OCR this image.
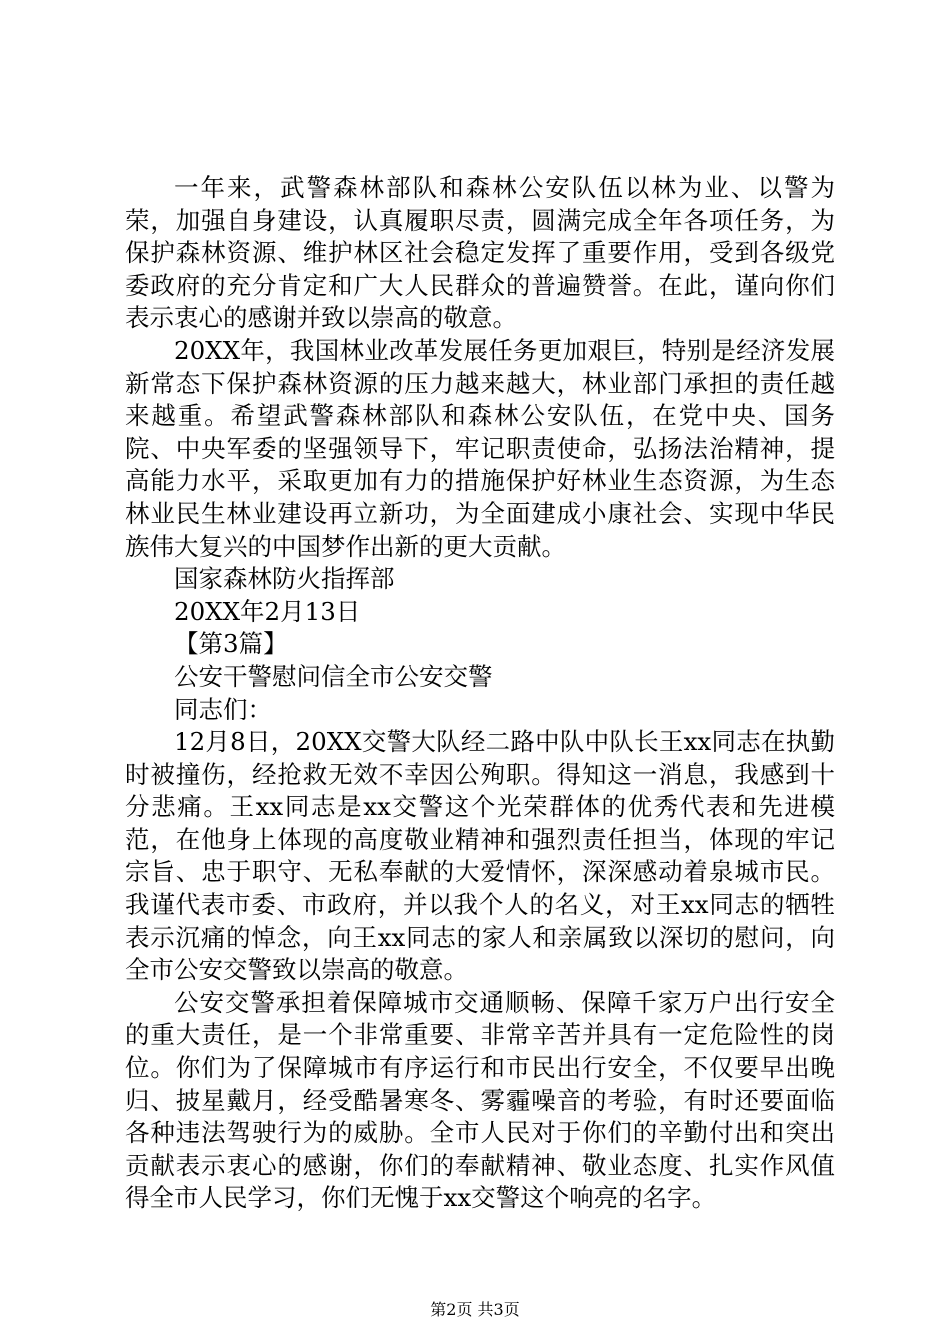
一年来，武警森林部队和森林公安队伍以林为业、以警为荣，加强自身建设，认真履职尽责，圆满完成全年各项任务，为保护森林资源、维护林区社会稳定发挥了重要作用，受到各级党委政府的充分肯定和广大人民群众的普遍赞誉。在此，谨向你们表示衷心的感谢并致以崇高的敬意。

20XX年，我国林业改革发展任务更加艰巨，特别是经济发展新常态下保护森林资源的压力越来越大，林业部门承担的责任越来越重。希望武警森林部队和森林公安队伍，在党中央、国务院、中央军委的坚强领导下，牢记职责使命，弘扬法治精神，提高能力水平，采取更加有力的措施保护好林业生态资源，为生态林业民生林业建设再立新功，为全面建成小康社会、实现中华民族伟大复兴的中国梦作出新的更大贡献。

国家森林防火指挥部

20XX年2月13日

【第3篇】

公安干警慰问信全市公安交警

同志们：

12月8日，20XX交警大队经二路中队中队长王xx同志在执勤时被撞伤，经抢救无效不幸因公殉职。得知这一消息，我感到十分悲痛。王xx同志是xx交警这个光荣群体的优秀代表和先进模范，在他身上体现的高度敬业精神和强烈责任担当，体现的牢记宗旨、忠于职守、无私奉献的大爱情怀，深深感动着泉城市民。我谨代表市委、市政府，并以我个人的名义，对王xx同志的牺牲表示沉痛的悼念，向王xx同志的家人和亲属致以深切的慰问，向全市公安交警致以崇高的敬意。

公安交警承担着保障城市交通顺畅、保障千家万户出行安全的重大责任，是一个非常重要、非常辛苦并具有一定危险性的岗位。你们为了保障城市有序运行和市民出行安全，不仅要早出晚归、披星戴月，经受酷暑寒冬、雾霾噪音的考验，有时还要面临各种违法驾驶行为的威胁。全市人民对于你们的辛勤付出和突出贡献表示衷心的感谢，你们的奉献精神、敬业态度、扎实作风值得全市人民学习，你们无愧于xx交警这个响亮的名字。

第2页 共3页
